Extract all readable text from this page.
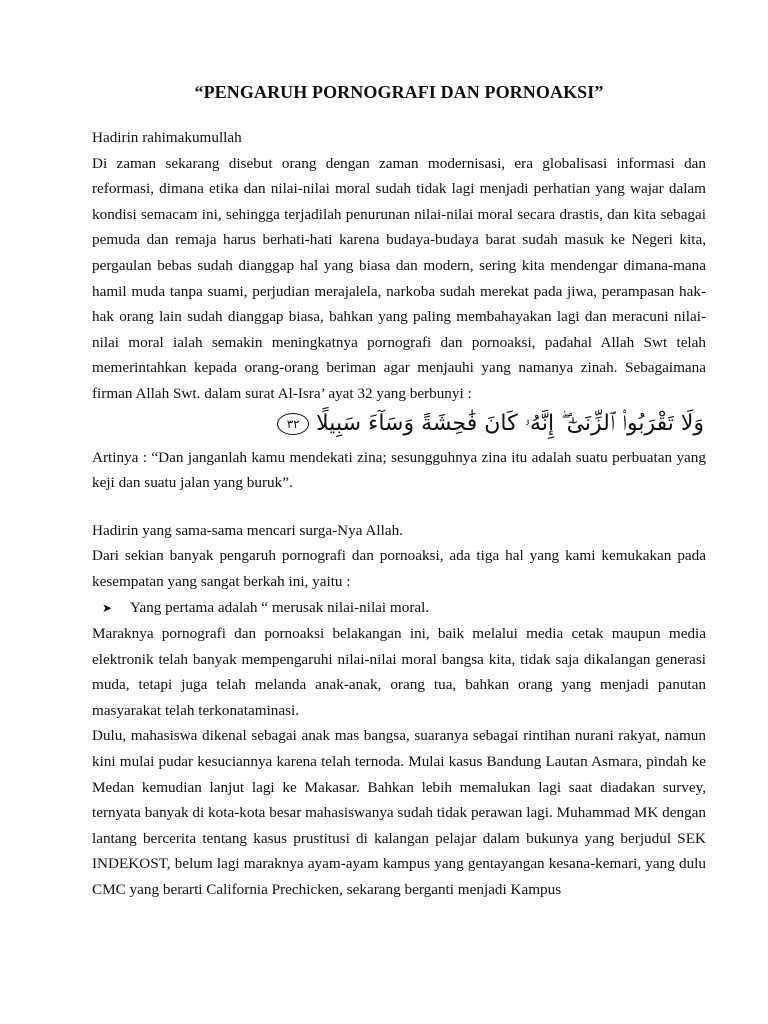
“PENGARUH PORNOGRAFI DAN PORNOAKSI”

Hadirin rahimakumullah

Di zaman sekarang disebut orang dengan zaman modernisasi, era globalisasi informasi dan reformasi, dimana etika dan nilai-nilai moral sudah tidak lagi menjadi perhatian yang wajar dalam kondisi semacam ini, sehingga terjadilah penurunan nilai-nilai moral secara drastis, dan kita sebagai pemuda dan remaja harus berhati-hati karena budaya-budaya barat sudah masuk ke Negeri kita, pergaulan bebas sudah dianggap hal yang biasa dan modern, sering kita mendengar dimana-mana hamil muda tanpa suami, perjudian merajalela, narkoba sudah merekat pada jiwa, perampasan hak-hak orang lain sudah dianggap biasa, bahkan yang paling membahayakan lagi dan meracuni nilai-nilai moral ialah semakin meningkatnya pornografi dan pornoaksi, padahal Allah Swt telah memerintahkan kepada orang-orang beriman agar menjauhi yang namanya zinah. Sebagaimana firman Allah Swt. dalam surat Al-Isra’ ayat 32 yang berbunyi :

وَلَا تَقْرَبُوا۟ ٱلزِّنَىٰٓ ۖ إِنَّهُۥ كَانَ فَٰحِشَةً وَسَآءَ سَبِيلًا ٣٢

Artinya : “Dan janganlah kamu mendekati zina; sesungguhnya zina itu adalah suatu perbuatan yang keji dan suatu jalan yang buruk”.

Hadirin yang sama-sama mencari surga-Nya Allah.

Dari sekian banyak pengaruh pornografi dan pornoaksi, ada tiga hal yang kami kemukakan pada kesempatan yang sangat berkah ini, yaitu :

➤ Yang pertama adalah “ merusak nilai-nilai moral.

Maraknya pornografi dan pornoaksi belakangan ini, baik melalui media cetak maupun media elektronik telah banyak mempengaruhi nilai-nilai moral bangsa kita, tidak saja dikalangan generasi muda, tetapi juga telah melanda anak-anak, orang tua, bahkan orang yang menjadi panutan masyarakat telah terkonataminasi.

Dulu, mahasiswa dikenal sebagai anak mas bangsa, suaranya sebagai rintihan nurani rakyat, namun kini mulai pudar kesuciannya karena telah ternoda. Mulai kasus Bandung Lautan Asmara, pindah ke Medan kemudian lanjut lagi ke Makasar. Bahkan lebih memalukan lagi saat diadakan survey, ternyata banyak di kota-kota besar mahasiswanya sudah tidak perawan lagi. Muhammad MK dengan lantang bercerita tentang kasus prustitusi di kalangan pelajar dalam bukunya yang berjudul SEK INDEKOST, belum lagi maraknya ayam-ayam kampus yang gentayangan kesana-kemari, yang dulu CMC yang berarti California Prechicken, sekarang berganti menjadi Kampus
